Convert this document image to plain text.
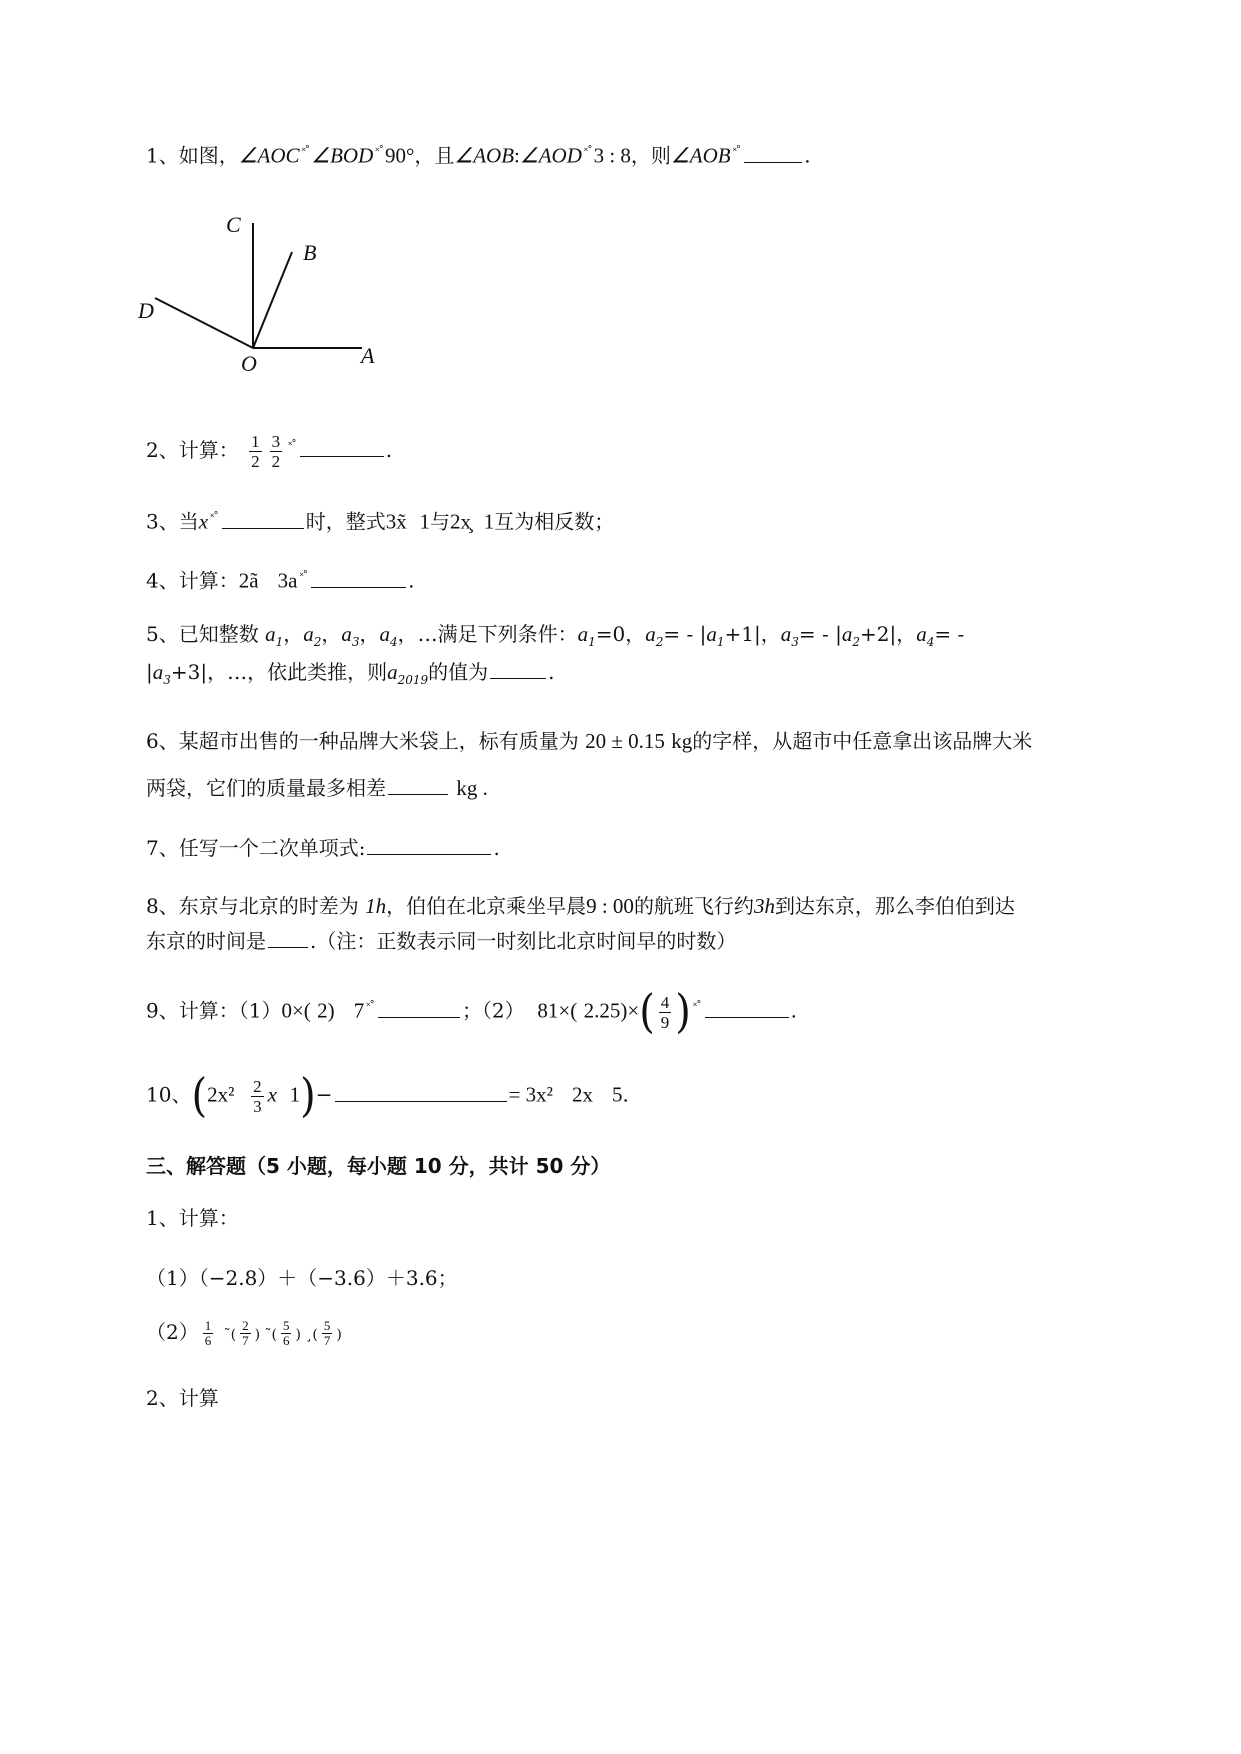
1、如图，∠AOC ˟˚∠BOD ˟˚90°，且∠AOB:∠AOD ˟˚3 : 8，则∠AOB ˟˚	.
C
B
D
O	A
2、计算： $\frac{1}{2} \frac{3}{2} ^{˟˚}$	.
3、当x ˟˚	时，整式3x̃ 1与2x̧ 1互为相反数；
4、计算：2ã 3a ˟˚	.
5、已知整数 $a_1$，$a_2$，$a_3$，$a_4$，…满足下列条件：$a_1=0$，$a_2= - |a_1+1|$，$a_3= - |a_2+2|$，$a_4=$ -
$|a_3+3|$，…，依此类推，则$a_{2019}$的值为	.
6、某超市出售的一种品牌大米袋上，标有质量为 20 ± 0.15 kg的字样，从超市中任意拿出该品牌大米
两袋，它们的质量最多相差	kg .
7、任写一个二次单项式:	.
8、东京与北京的时差为 1h，伯伯在北京乘坐早晨9 : 00的航班飞行约3h到达东京，那么李伯伯到达
东京的时间是 .（注：正数表示同一时刻比北京时间早的时数）
9、计算：（1）0×( 2) 7 ˟˚	；（2） 81×( $2.25)\times( \frac{4}{9}$ ) ˟˚	.
10、($2x^2 \frac{2}{3}$ x 1)−	= 3x² 2x 5.
三、解答题（5 小题，每小题 10 分，共计 50 分）
1、计算：
（1）（−2.8）＋（−3.6）＋3.6；
$(2) \frac{1}{6}$ ˜( $\frac{2}{7}$ ) ˜( $\frac{5}{6}$ ) ¸( $\frac{5}{7}$ )
2、计算
